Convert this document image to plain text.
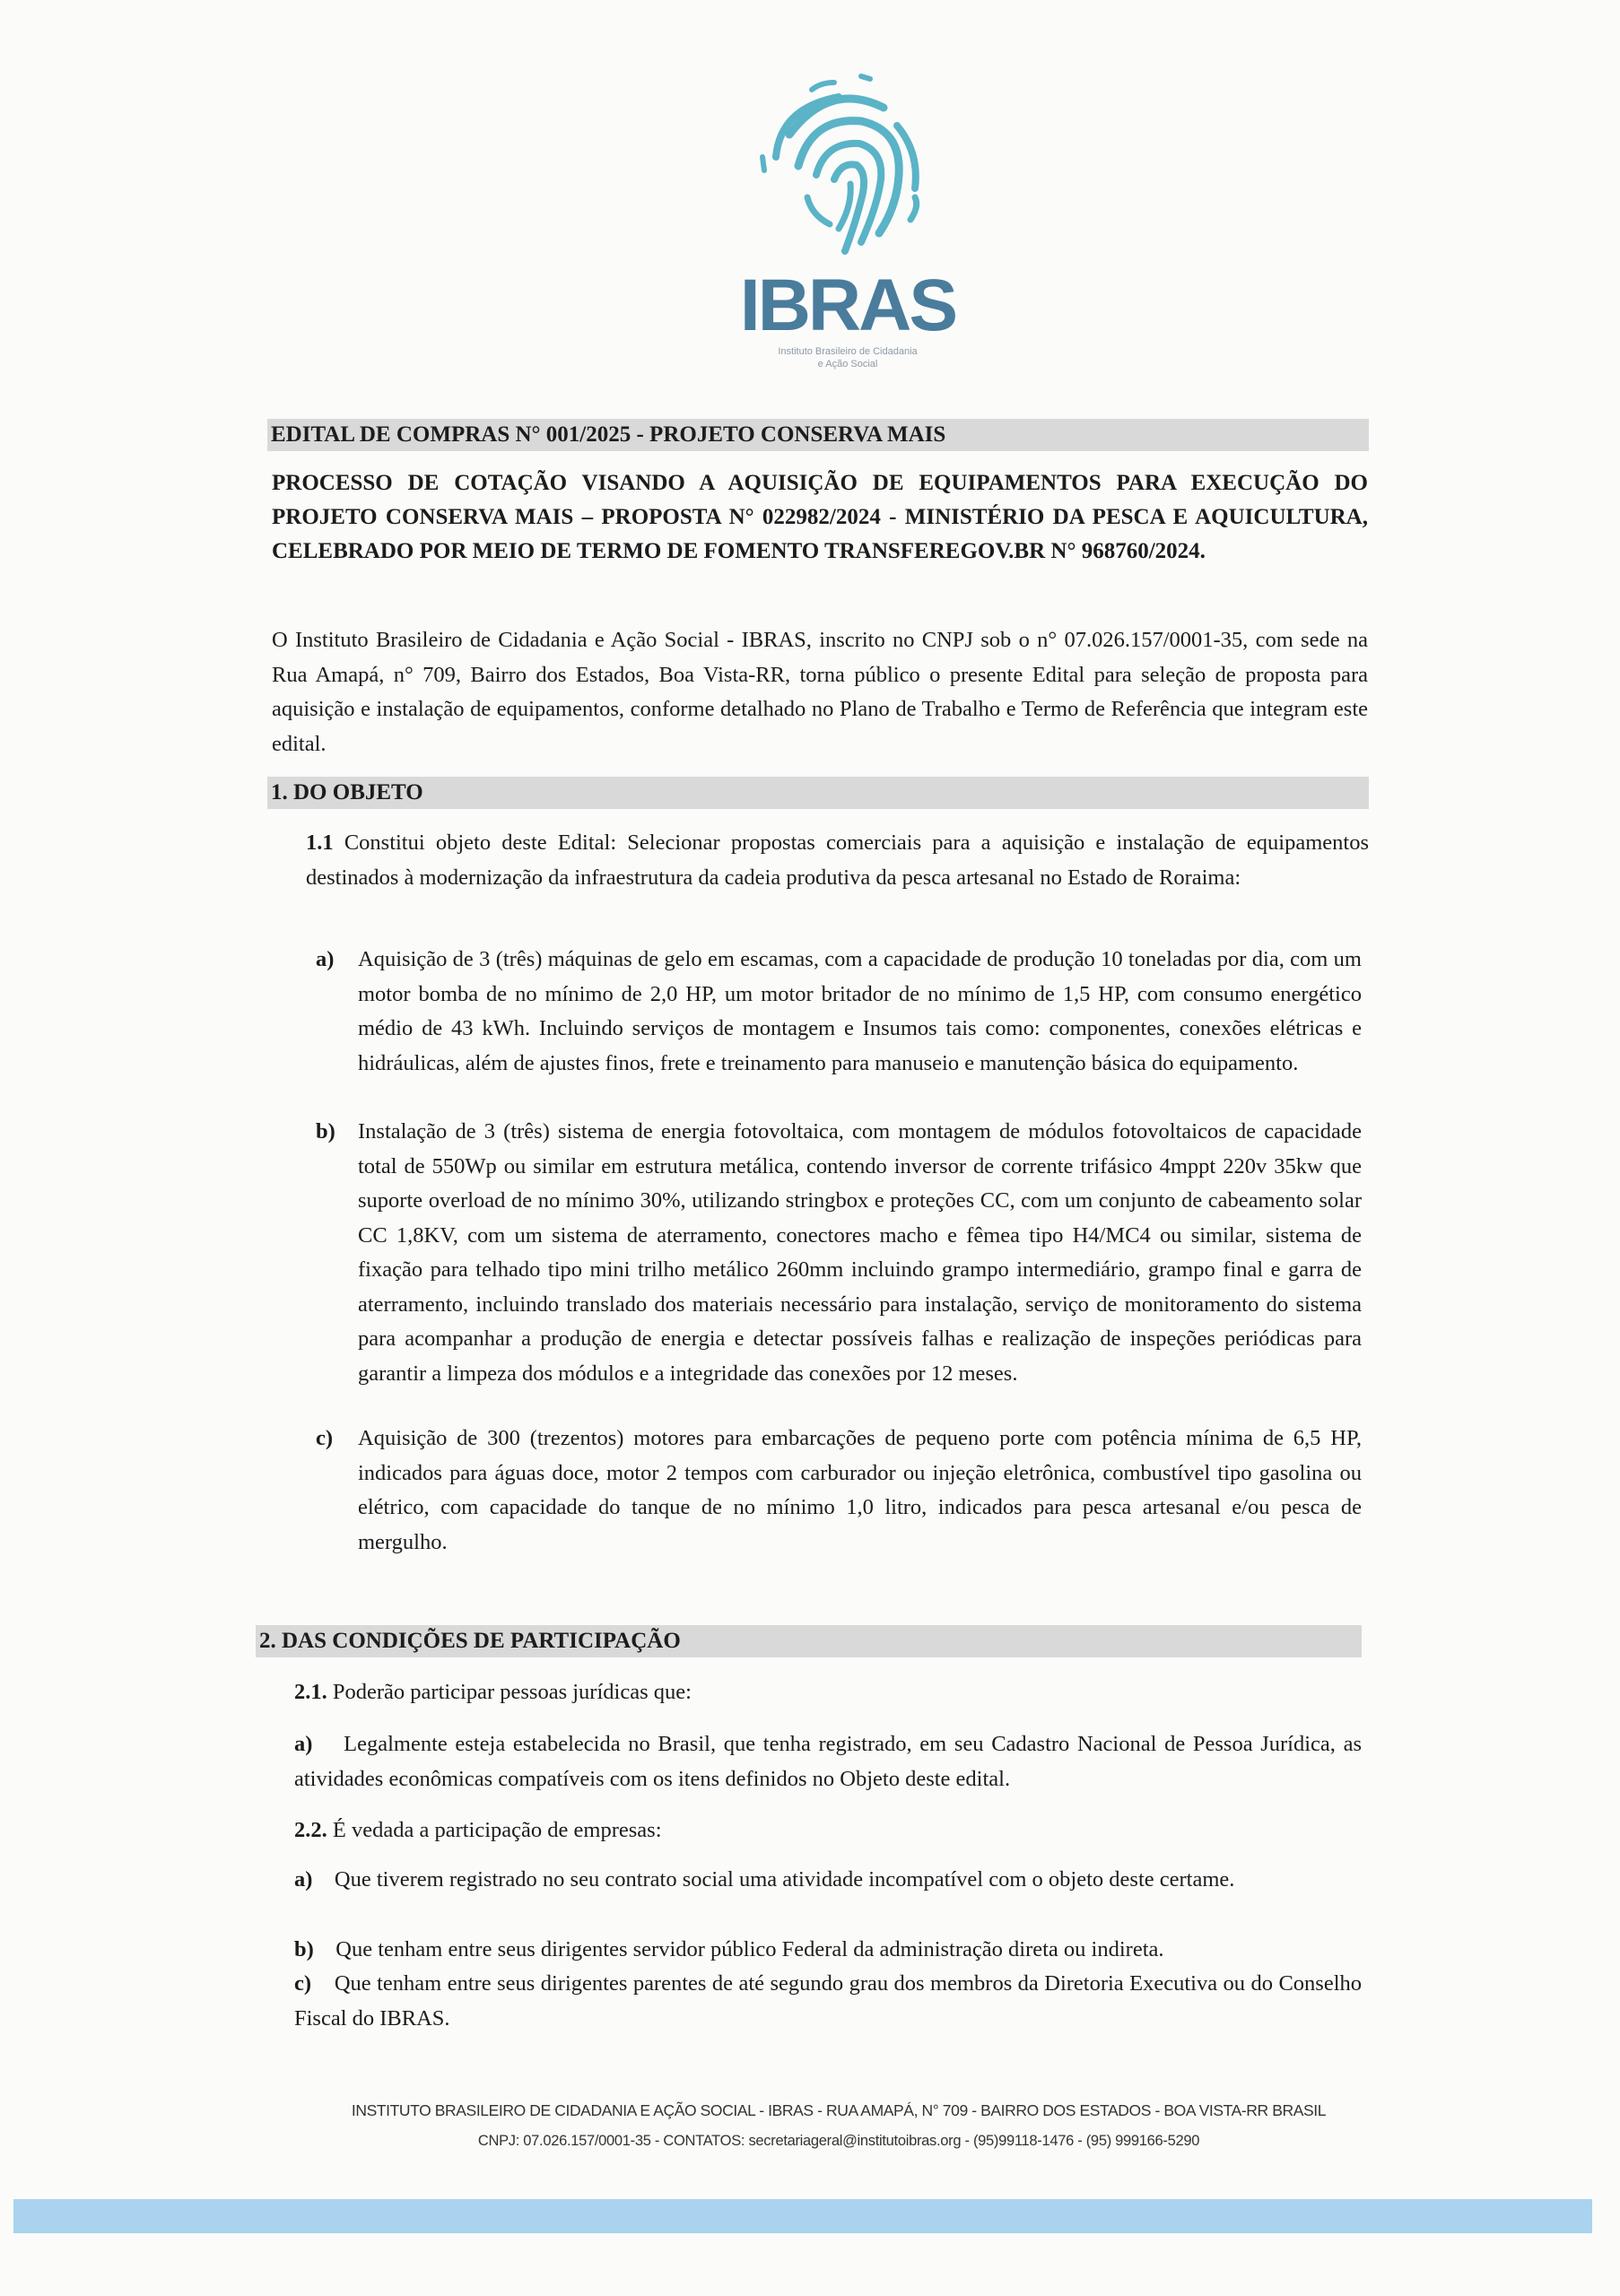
IBRAS
Instituto Brasileiro de Cidadania
e Ação Social
EDITAL DE COMPRAS N° 001/2025 - PROJETO CONSERVA MAIS
PROCESSO DE COTAÇÃO VISANDO A AQUISIÇÃO DE EQUIPAMENTOS PARA EXECUÇÃO DO PROJETO CONSERVA MAIS – PROPOSTA N° 022982/2024 - MINISTÉRIO DA PESCA E AQUICULTURA, CELEBRADO POR MEIO DE TERMO DE FOMENTO TRANSFEREGOV.BR N° 968760/2024.

O Instituto Brasileiro de Cidadania e Ação Social - IBRAS, inscrito no CNPJ sob o n° 07.026.157/0001-35, com sede na Rua Amapá, n° 709, Bairro dos Estados, Boa Vista-RR, torna público o presente Edital para seleção de proposta para aquisição e instalação de equipamentos, conforme detalhado no Plano de Trabalho e Termo de Referência que integram este edital.

1. DO OBJETO

1.1 Constitui objeto deste Edital: Selecionar propostas comerciais para a aquisição e instalação de equipamentos destinados à modernização da infraestrutura da cadeia produtiva da pesca artesanal no Estado de Roraima:

a) Aquisição de 3 (três) máquinas de gelo em escamas, com a capacidade de produção 10 toneladas por dia, com um motor bomba de no mínimo de 2,0 HP, um motor britador de no mínimo de 1,5 HP, com consumo energético médio de 43 kWh. Incluindo serviços de montagem e Insumos tais como: componentes, conexões elétricas e hidráulicas, além de ajustes finos, frete e treinamento para manuseio e manutenção básica do equipamento.
b) Instalação de 3 (três) sistema de energia fotovoltaica, com montagem de módulos fotovoltaicos de capacidade total de 550Wp ou similar em estrutura metálica, contendo inversor de corrente trifásico 4mppt 220v 35kw que suporte overload de no mínimo 30%, utilizando stringbox e proteções CC, com um conjunto de cabeamento solar CC 1,8KV, com um sistema de aterramento, conectores macho e fêmea tipo H4/MC4 ou similar, sistema de fixação para telhado tipo mini trilho metálico 260mm incluindo grampo intermediário, grampo final e garra de aterramento, incluindo translado dos materiais necessário para instalação, serviço de monitoramento do sistema para acompanhar a produção de energia e detectar possíveis falhas e realização de inspeções periódicas para garantir a limpeza dos módulos e a integridade das conexões por 12 meses.
c) Aquisição de 300 (trezentos) motores para embarcações de pequeno porte com potência mínima de 6,5 HP, indicados para águas doce, motor 2 tempos com carburador ou injeção eletrônica, combustível tipo gasolina ou elétrico, com capacidade do tanque de no mínimo 1,0 litro, indicados para pesca artesanal e/ou pesca de mergulho.
2. DAS CONDIÇÕES DE PARTICIPAÇÃO

2.1. Poderão participar pessoas jurídicas que:

a) Legalmente esteja estabelecida no Brasil, que tenha registrado, em seu Cadastro Nacional de Pessoa Jurídica, as atividades econômicas compatíveis com os itens definidos no Objeto deste edital.

2.2. É vedada a participação de empresas:

a) Que tiverem registrado no seu contrato social uma atividade incompatível com o objeto deste certame.

b) Que tenham entre seus dirigentes servidor público Federal da administração direta ou indireta.

c) Que tenham entre seus dirigentes parentes de até segundo grau dos membros da Diretoria Executiva ou do Conselho Fiscal do IBRAS.

INSTITUTO BRASILEIRO DE CIDADANIA E AÇÃO SOCIAL - IBRAS - RUA AMAPÁ, N° 709 - BAIRRO DOS ESTADOS - BOA VISTA-RR BRASIL
CNPJ: 07.026.157/0001-35 - CONTATOS: secretariageral@institutoibras.org - (95)99118-1476 - (95) 999166-5290
